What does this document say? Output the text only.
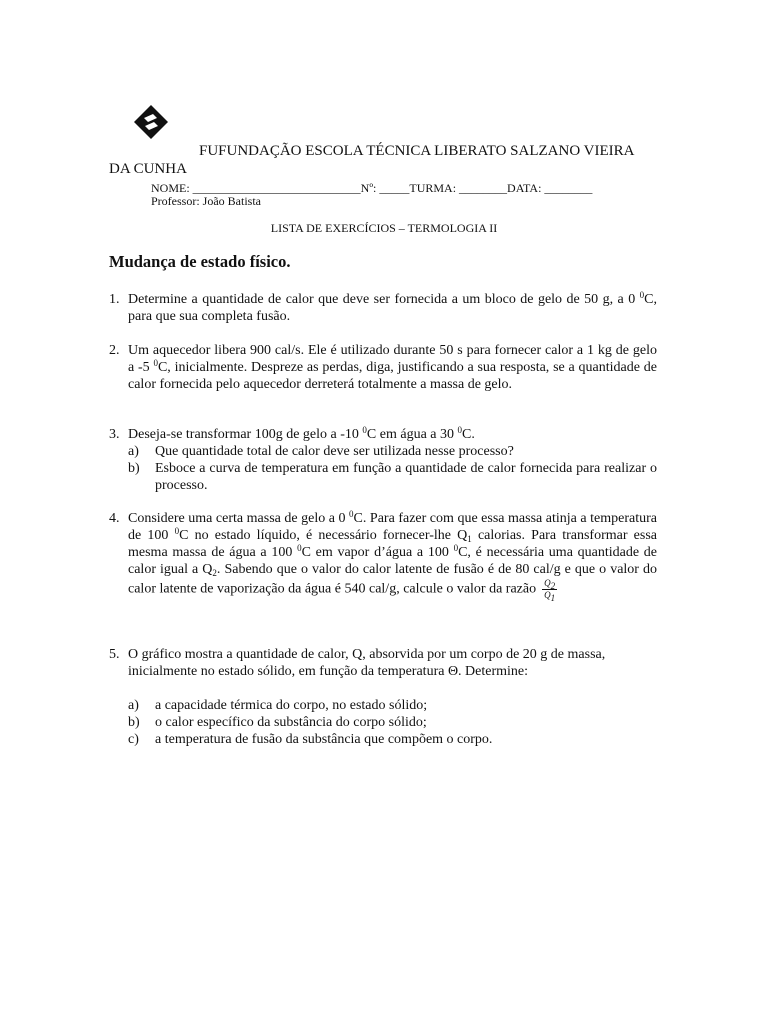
FUFUNDAÇÃO ESCOLA TÉCNICA LIBERATO SALZANO VIEIRA DA CUNHA
NOME: ____________________________Nº: _____TURMA: ________DATA: ________
Professor: João Batista
LISTA DE EXERCÍCIOS – TERMOLOGIA II
Mudança de estado físico.
1. Determine a quantidade de calor que deve ser fornecida a um bloco de gelo de 50 g, a 0 $^0$C, para que sua completa fusão.
2. Um aquecedor libera 900 cal/s. Ele é utilizado durante 50 s para fornecer calor a 1 kg de gelo a -5 $^0$C, inicialmente. Despreze as perdas, diga, justificando a sua resposta, se a quantidade de calor fornecida pelo aquecedor derreterá totalmente a massa de gelo.
3. Deseja-se transformar 100g de gelo a -10 $^0$C em água a 30 $^0$C.
a)	Que quantidade total de calor deve ser utilizada nesse processo?
b)	Esboce a curva de temperatura em função a quantidade de calor fornecida para realizar o processo.
4. Considere uma certa massa de gelo a 0 $^0$C. Para fazer com que essa massa atinja a temperatura de 100 $^0$C no estado líquido, é necessário fornecer-lhe $Q_1$ calorias. Para transformar essa mesma massa de água a 100 $^0$C em vapor d’água a 100 $^0$C, é necessária uma quantidade de calor igual a $Q_2$. Sabendo que o valor do calor latente de fusão é de 80 cal/g e que o valor do calor latente de vaporização da água é 540 cal/g, calcule o valor da razão $\frac{Q2}{Q1}$
5. O gráfico mostra a quantidade de calor, Q, absorvida por um corpo de 20 g de massa, inicialmente no estado sólido, em função da temperatura Θ. Determine:
a)	a capacidade térmica do corpo, no estado sólido;
b)	o calor específico da substância do corpo sólido;
c)	a temperatura de fusão da substância que compõem o corpo.
